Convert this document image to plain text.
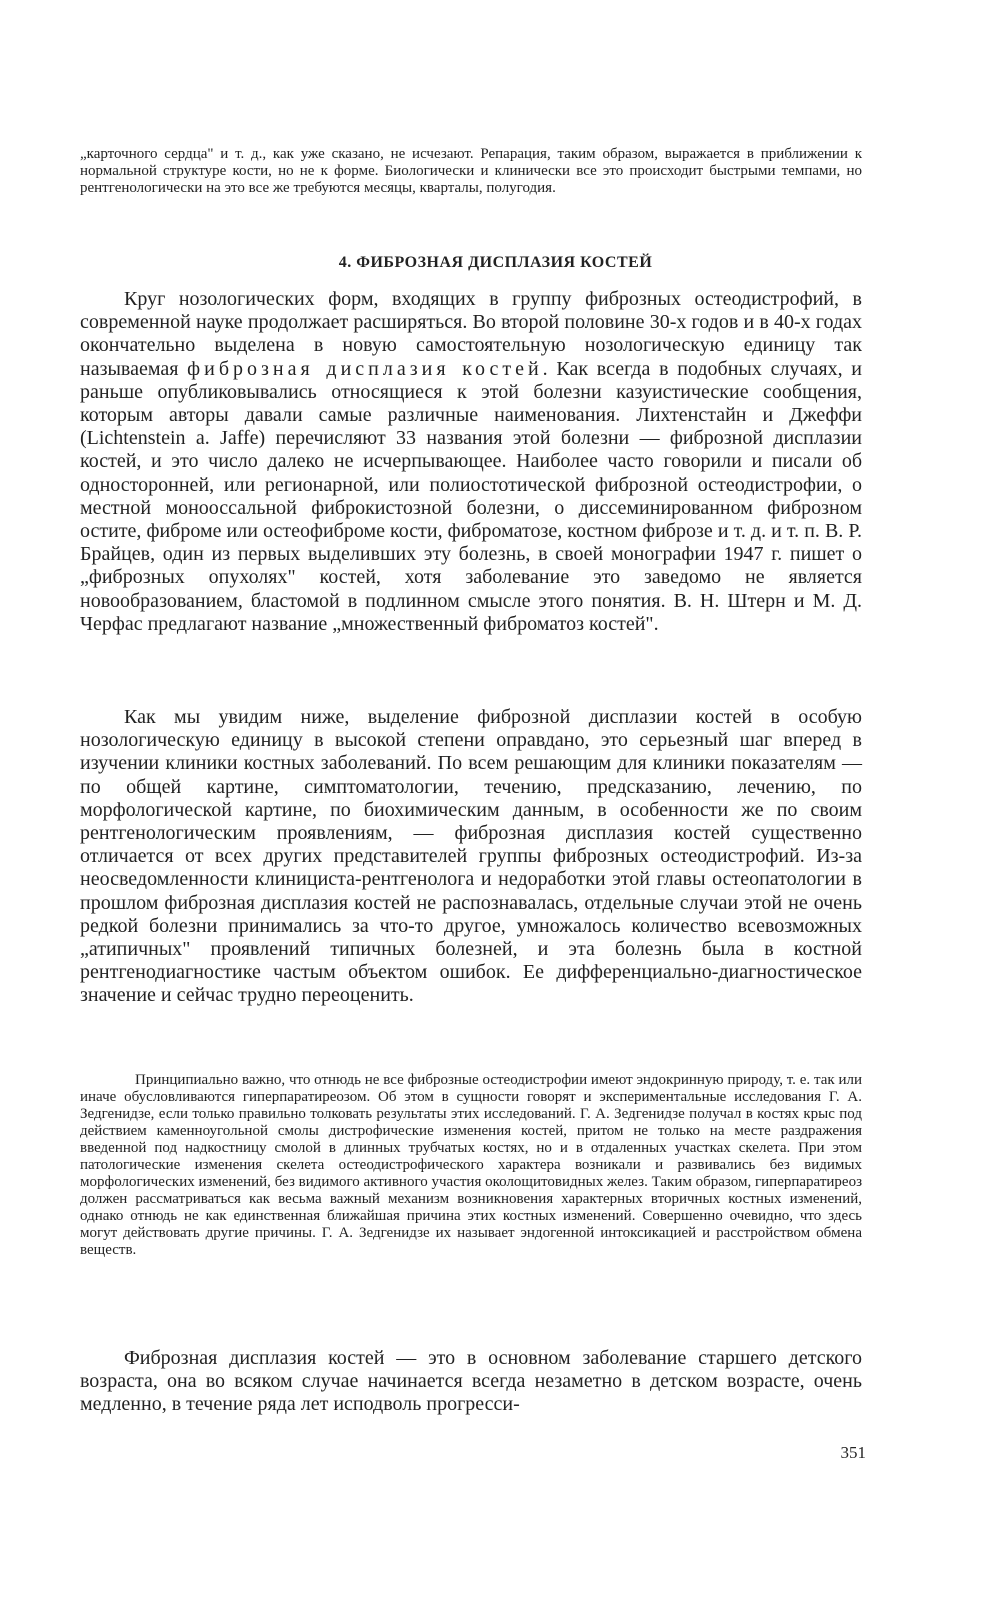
„карточного сердца" и т. д., как уже сказано, не исчезают. Репарация, таким образом, выражается в приближении к нормальной структуре кости, но не к форме. Биологически и клинически все это происходит быстрыми темпами, но рентгенологически на это все же требуются месяцы, кварталы, полугодия.

4. ФИБРОЗНАЯ ДИСПЛАЗИЯ КОСТЕЙ

Круг нозологических форм, входящих в группу фиброзных остеодистрофий, в современной науке продолжает расширяться. Во второй половине 30-х годов и в 40-х годах окончательно выделена в новую самостоятельную нозологическую единицу так называемая фиброзная дисплазия костей. Как всегда в подобных случаях, и раньше опубликовывались относящиеся к этой болезни казуистические сообщения, которым авторы давали самые различные наименования. Лихтенстайн и Джеффи (Lichtenstein a. Jaffe) перечисляют 33 названия этой болезни — фиброзной дисплазии костей, и это число далеко не исчерпывающее. Наиболее часто говорили и писали об односторонней, или регионарной, или полиостотической фиброзной остеодистрофии, о местной монооссальной фиброкистозной болезни, о диссеминированном фиброзном остите, фиброме или остеофиброме кости, фиброматозе, костном фиброзе и т. д. и т. п. В. Р. Брайцев, один из первых выделивших эту болезнь, в своей монографии 1947 г. пишет о „фиброзных опухолях" костей, хотя заболевание это заведомо не является новообразованием, бластомой в подлинном смысле этого понятия. В. Н. Штерн и М. Д. Черфас предлагают название „множественный фиброматоз костей".

Как мы увидим ниже, выделение фиброзной дисплазии костей в особую нозологическую единицу в высокой степени оправдано, это серьезный шаг вперед в изучении клиники костных заболеваний. По всем решающим для клиники показателям — по общей картине, симптоматологии, течению, предсказанию, лечению, по морфологической картине, по биохимическим данным, в особенности же по своим рентгенологическим проявлениям, — фиброзная дисплазия костей существенно отличается от всех других представителей группы фиброзных остеодистрофий. Из-за неосведомленности клинициста-рентгенолога и недоработки этой главы остеопатологии в прошлом фиброзная дисплазия костей не распознавалась, отдельные случаи этой не очень редкой болезни принимались за что-то другое, умножалось количество всевозможных „атипичных" проявлений типичных болезней, и эта болезнь была в костной рентгенодиагностике частым объектом ошибок. Ее дифференциально-диагностическое значение и сейчас трудно переоценить.

Принципиально важно, что отнюдь не все фиброзные остеодистрофии имеют эндокринную природу, т. е. так или иначе обусловливаются гиперпаратиреозом. Об этом в сущности говорят и экспериментальные исследования Г. А. Зедгенидзе, если только правильно толковать результаты этих исследований. Г. А. Зедгенидзе получал в костях крыс под действием каменноугольной смолы дистрофические изменения костей, притом не только на месте раздражения введенной под надкостницу смолой в длинных трубчатых костях, но и в отдаленных участках скелета. При этом патологические изменения скелета остеодистрофического характера возникали и развивались без видимых морфологических изменений, без видимого активного участия околощитовидных желез. Таким образом, гиперпаратиреоз должен рассматриваться как весьма важный механизм возникновения характерных вторичных костных изменений, однако отнюдь не как единственная ближайшая причина этих костных изменений. Совершенно очевидно, что здесь могут действовать другие причины. Г. А. Зедгенидзе их называет эндогенной интоксикацией и расстройством обмена веществ.

Фиброзная дисплазия костей — это в основном заболевание старшего детского возраста, она во всяком случае начинается всегда незаметно в детском возрасте, очень медленно, в течение ряда лет исподволь прогресси-

351
